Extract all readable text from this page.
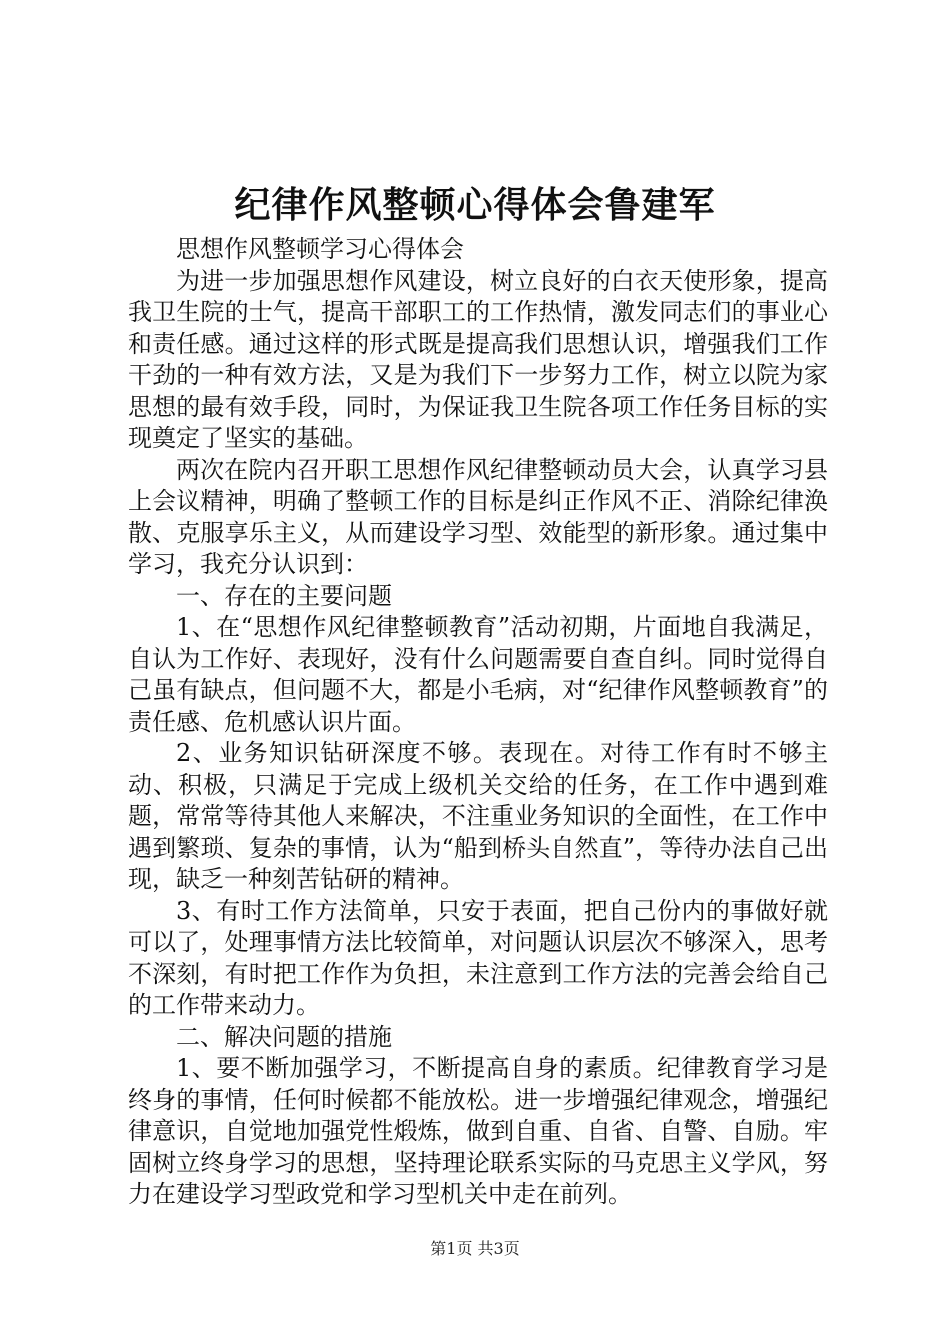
纪律作风整顿心得体会鲁建军

思想作风整顿学习心得体会

为进一步加强思想作风建设，树立良好的白衣天使形象，提高我卫生院的士气，提高干部职工的工作热情，激发同志们的事业心和责任感。通过这样的形式既是提高我们思想认识，增强我们工作干劲的一种有效方法，又是为我们下一步努力工作，树立以院为家思想的最有效手段，同时，为保证我卫生院各项工作任务目标的实现奠定了坚实的基础。

两次在院内召开职工思想作风纪律整顿动员大会，认真学习县上会议精神，明确了整顿工作的目标是纠正作风不正、消除纪律涣散、克服享乐主义，从而建设学习型、效能型的新形象。通过集中学习，我充分认识到：

一、存在的主要问题

1、在“思想作风纪律整顿教育”活动初期，片面地自我满足，自认为工作好、表现好，没有什么问题需要自查自纠。同时觉得自己虽有缺点，但问题不大，都是小毛病，对“纪律作风整顿教育”的责任感、危机感认识片面。

2、业务知识钻研深度不够。表现在。对待工作有时不够主动、积极，只满足于完成上级机关交给的任务，在工作中遇到难题，常常等待其他人来解决，不注重业务知识的全面性，在工作中遇到繁琐、复杂的事情，认为“船到桥头自然直”，等待办法自己出现，缺乏一种刻苦钻研的精神。

3、有时工作方法简单，只安于表面，把自己份内的事做好就可以了，处理事情方法比较简单，对问题认识层次不够深入，思考不深刻，有时把工作作为负担，未注意到工作方法的完善会给自己的工作带来动力。

二、解决问题的措施

1、要不断加强学习，不断提高自身的素质。纪律教育学习是终身的事情，任何时候都不能放松。进一步增强纪律观念，增强纪律意识，自觉地加强党性煅炼，做到自重、自省、自警、自励。牢固树立终身学习的思想，坚持理论联系实际的马克思主义学风，努力在建设学习型政党和学习型机关中走在前列。

第1页 共3页
